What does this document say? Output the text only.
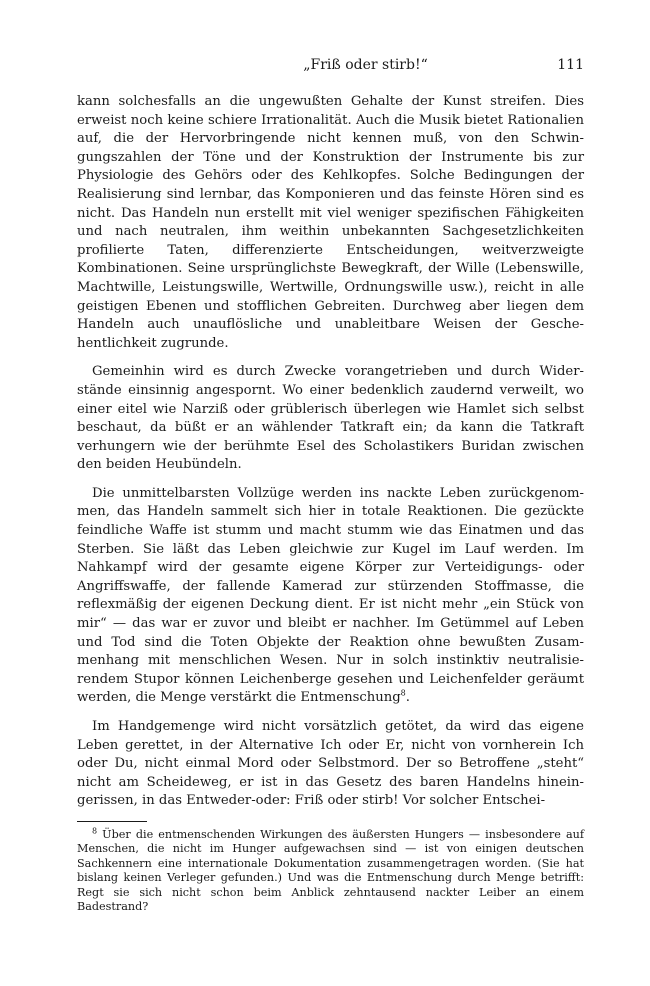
„Friß oder stirb!“	111

kann solchesfalls an die ungewußten Gehalte der Kunst streifen. Dies erweist noch keine schiere Irrationalität. Auch die Musik bietet Rationalien auf, die der Hervorbringende nicht kennen muß, von den Schwingungszahlen der Töne und der Konstruktion der Instrumente bis zur Physiologie des Gehörs oder des Kehlkopfes. Solche Bedingungen der Realisierung sind lernbar, das Komponieren und das feinste Hören sind es nicht. Das Handeln nun erstellt mit viel weniger spezifischen Fähigkeiten und nach neutralen, ihm weithin unbekannten Sachgesetzlichkeiten profilierte Taten, differenzierte Entscheidungen, weitverzweigte Kombinationen. Seine ursprünglichste Bewegkraft, der Wille (Lebenswille, Machtwille, Leistungswille, Wertwille, Ordnungswille usw.), reicht in alle geistigen Ebenen und stofflichen Gebreiten. Durchweg aber liegen dem Handeln auch unauflösliche und unableitbare Weisen der Geschehentlichkeit zugrunde.

Gemeinhin wird es durch Zwecke vorangetrieben und durch Widerstände einsinnig angespornt. Wo einer bedenklich zaudernd verweilt, wo einer eitel wie Narziß oder grüblerisch überlegen wie Hamlet sich selbst beschaut, da büßt er an wählender Tatkraft ein; da kann die Tatkraft verhungern wie der berühmte Esel des Scholastikers Buridan zwischen den beiden Heubündeln.

Die unmittelbarsten Vollzüge werden ins nackte Leben zurückgenommen, das Handeln sammelt sich hier in totale Reaktionen. Die gezückte feindliche Waffe ist stumm und macht stumm wie das Einatmen und das Sterben. Sie läßt das Leben gleichwie zur Kugel im Lauf werden. Im Nahkampf wird der gesamte eigene Körper zur Verteidigungs- oder Angriffswaffe, der fallende Kamerad zur stürzenden Stoffmasse, die reflexmäßig der eigenen Deckung dient. Er ist nicht mehr „ein Stück von mir“ — das war er zuvor und bleibt er nachher. Im Getümmel auf Leben und Tod sind die Toten Objekte der Reaktion ohne bewußten Zusammenhang mit menschlichen Wesen. Nur in solch instinktiv neutralisierendem Stupor können Leichenberge gesehen und Leichenfelder geräumt werden, die Menge verstärkt die Entmenschung$^8$.

Im Handgemenge wird nicht vorsätzlich getötet, da wird das eigene Leben gerettet, in der Alternative Ich oder Er, nicht von vornherein Ich oder Du, nicht einmal Mord oder Selbstmord. Der so Betroffene „steht“ nicht am Scheideweg, er ist in das Gesetz des baren Handelns hineingerissen, in das Entweder-oder: Friß oder stirb! Vor solcher Entschei-

$^8$ Über die entmenschenden Wirkungen des äußersten Hungers — insbesondere auf Menschen, die nicht im Hunger aufgewachsen sind — ist von einigen deutschen Sachkennern eine internationale Dokumentation zusammengetragen worden. (Sie hat bislang keinen Verleger gefunden.) Und was die Entmenschung durch Menge betrifft: Regt sie sich nicht schon beim Anblick zehntausend nackter Leiber an einem Badestrand?
